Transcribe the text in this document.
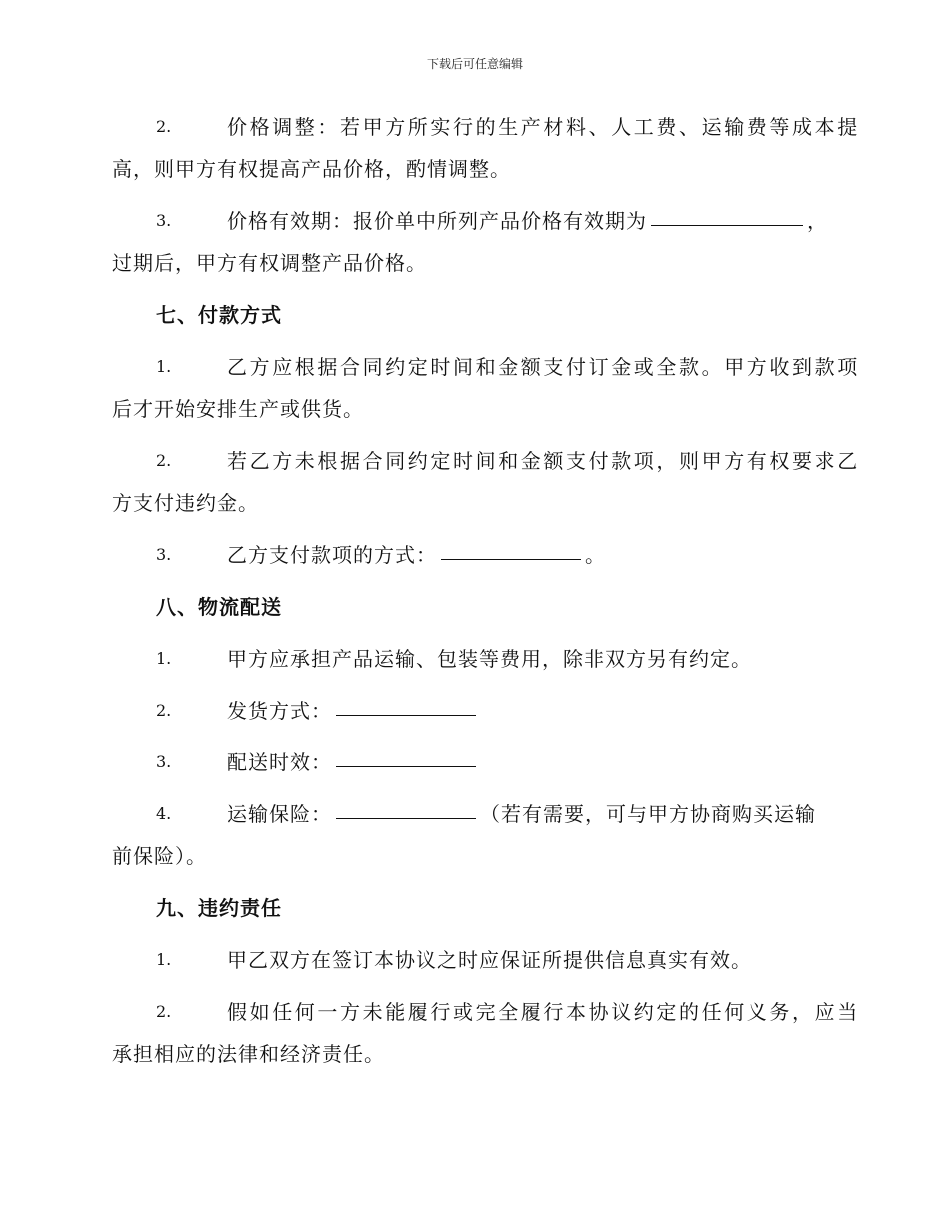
下载后可任意编辑
2.	价格调整：若甲方所实行的生产材料、人工费、运输费等成本提
高，则甲方有权提高产品价格，酌情调整。
3.	价格有效期：报价单中所列产品价格有效期为	，
过期后，甲方有权调整产品价格。
七、付款方式
1.	乙方应根据合同约定时间和金额支付订金或全款。甲方收到款项
后才开始安排生产或供货。
2.	若乙方未根据合同约定时间和金额支付款项，则甲方有权要求乙
方支付违约金。
3.	乙方支付款项的方式：	。
八、物流配送
1.	甲方应承担产品运输、包装等费用，除非双方另有约定。
2.	发货方式：
3.	配送时效：
4.	运输保险：	（若有需要，可与甲方协商购买运输
前保险）。
九、违约责任
1.	甲乙双方在签订本协议之时应保证所提供信息真实有效。
2.	假如任何一方未能履行或完全履行本协议约定的任何义务，应当
承担相应的法律和经济责任。
